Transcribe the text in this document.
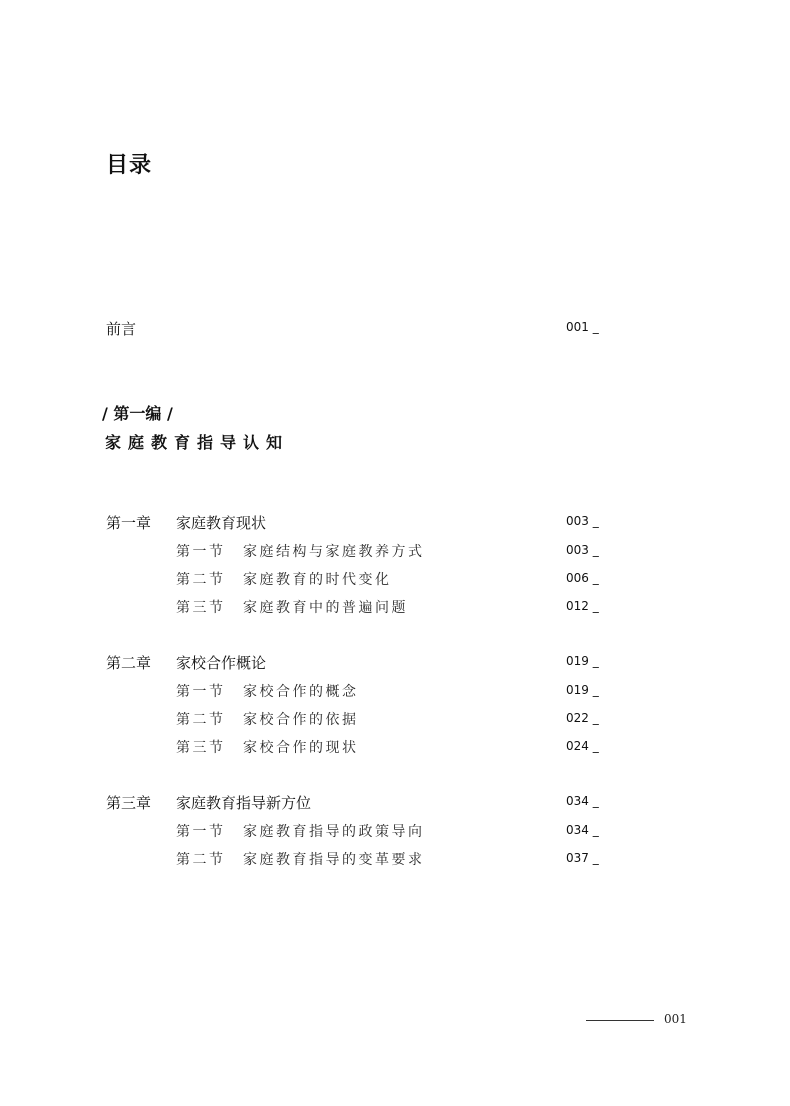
目录
前言	001 _
/ 第一编 /
家庭教育指导认知
第一章 家庭教育现状	003 _
第一节 家庭结构与家庭教养方式	003 _
第二节 家庭教育的时代变化	006 _
第三节 家庭教育中的普遍问题	012 _
第二章 家校合作概论	019 _
第一节 家校合作的概念	019 _
第二节 家校合作的依据	022 _
第三节 家校合作的现状	024 _
第三章 家庭教育指导新方位	034 _
第一节 家庭教育指导的政策导向	034 _
第二节 家庭教育指导的变革要求	037 _
001
